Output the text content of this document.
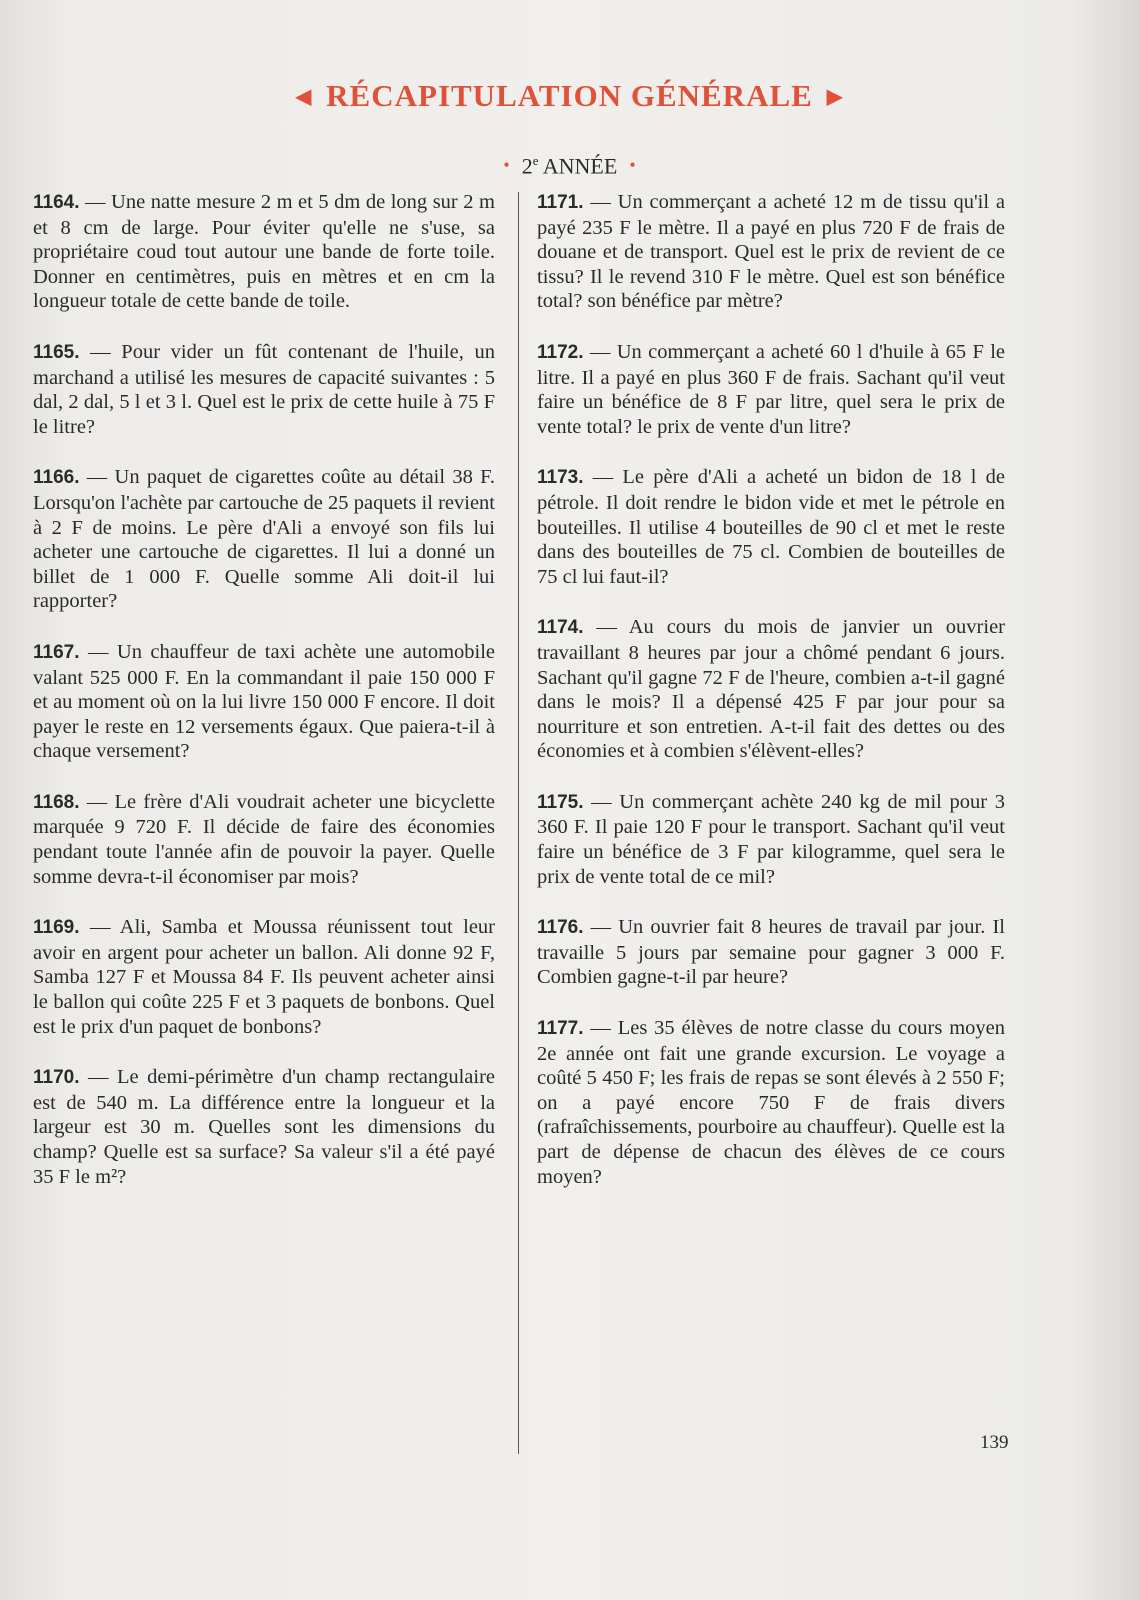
◀ RÉCAPITULATION GÉNÉRALE ▶
• 2e ANNÉE •

1164. — Une natte mesure 2 m et 5 dm de long sur 2 m et 8 cm de large. Pour éviter qu'elle ne s'use, sa propriétaire coud tout autour une bande de forte toile. Donner en centimètres, puis en mètres et en cm la longueur totale de cette bande de toile.

1165. — Pour vider un fût contenant de l'huile, un marchand a utilisé les mesures de capacité suivantes : 5 dal, 2 dal, 5 l et 3 l. Quel est le prix de cette huile à 75 F le litre?

1166. — Un paquet de cigarettes coûte au détail 38 F. Lorsqu'on l'achète par cartouche de 25 paquets il revient à 2 F de moins. Le père d'Ali a envoyé son fils lui acheter une cartouche de cigarettes. Il lui a donné un billet de 1 000 F. Quelle somme Ali doit-il lui rapporter?

1167. — Un chauffeur de taxi achète une automobile valant 525 000 F. En la commandant il paie 150 000 F et au moment où on la lui livre 150 000 F encore. Il doit payer le reste en 12 versements égaux. Que paiera-t-il à chaque versement?

1168. — Le frère d'Ali voudrait acheter une bicyclette marquée 9 720 F. Il décide de faire des économies pendant toute l'année afin de pouvoir la payer. Quelle somme devra-t-il économiser par mois?

1169. — Ali, Samba et Moussa réunissent tout leur avoir en argent pour acheter un ballon. Ali donne 92 F, Samba 127 F et Moussa 84 F. Ils peuvent acheter ainsi le ballon qui coûte 225 F et 3 paquets de bonbons. Quel est le prix d'un paquet de bonbons?

1170. — Le demi-périmètre d'un champ rectangulaire est de 540 m. La différence entre la longueur et la largeur est 30 m. Quelles sont les dimensions du champ? Quelle est sa surface? Sa valeur s'il a été payé 35 F le m²?

1171. — Un commerçant a acheté 12 m de tissu qu'il a payé 235 F le mètre. Il a payé en plus 720 F de frais de douane et de transport. Quel est le prix de revient de ce tissu? Il le revend 310 F le mètre. Quel est son bénéfice total? son bénéfice par mètre?

1172. — Un commerçant a acheté 60 l d'huile à 65 F le litre. Il a payé en plus 360 F de frais. Sachant qu'il veut faire un bénéfice de 8 F par litre, quel sera le prix de vente total? le prix de vente d'un litre?

1173. — Le père d'Ali a acheté un bidon de 18 l de pétrole. Il doit rendre le bidon vide et met le pétrole en bouteilles. Il utilise 4 bouteilles de 90 cl et met le reste dans des bouteilles de 75 cl. Combien de bouteilles de 75 cl lui faut-il?

1174. — Au cours du mois de janvier un ouvrier travaillant 8 heures par jour a chômé pendant 6 jours. Sachant qu'il gagne 72 F de l'heure, combien a-t-il gagné dans le mois? Il a dépensé 425 F par jour pour sa nourriture et son entretien. A-t-il fait des dettes ou des économies et à combien s'élèvent-elles?

1175. — Un commerçant achète 240 kg de mil pour 3 360 F. Il paie 120 F pour le transport. Sachant qu'il veut faire un bénéfice de 3 F par kilogramme, quel sera le prix de vente total de ce mil?

1176. — Un ouvrier fait 8 heures de travail par jour. Il travaille 5 jours par semaine pour gagner 3 000 F. Combien gagne-t-il par heure?

1177. — Les 35 élèves de notre classe du cours moyen 2e année ont fait une grande excursion. Le voyage a coûté 5 450 F; les frais de repas se sont élevés à 2 550 F; on a payé encore 750 F de frais divers (rafraîchissements, pourboire au chauffeur). Quelle est la part de dépense de chacun des élèves de ce cours moyen?

139
